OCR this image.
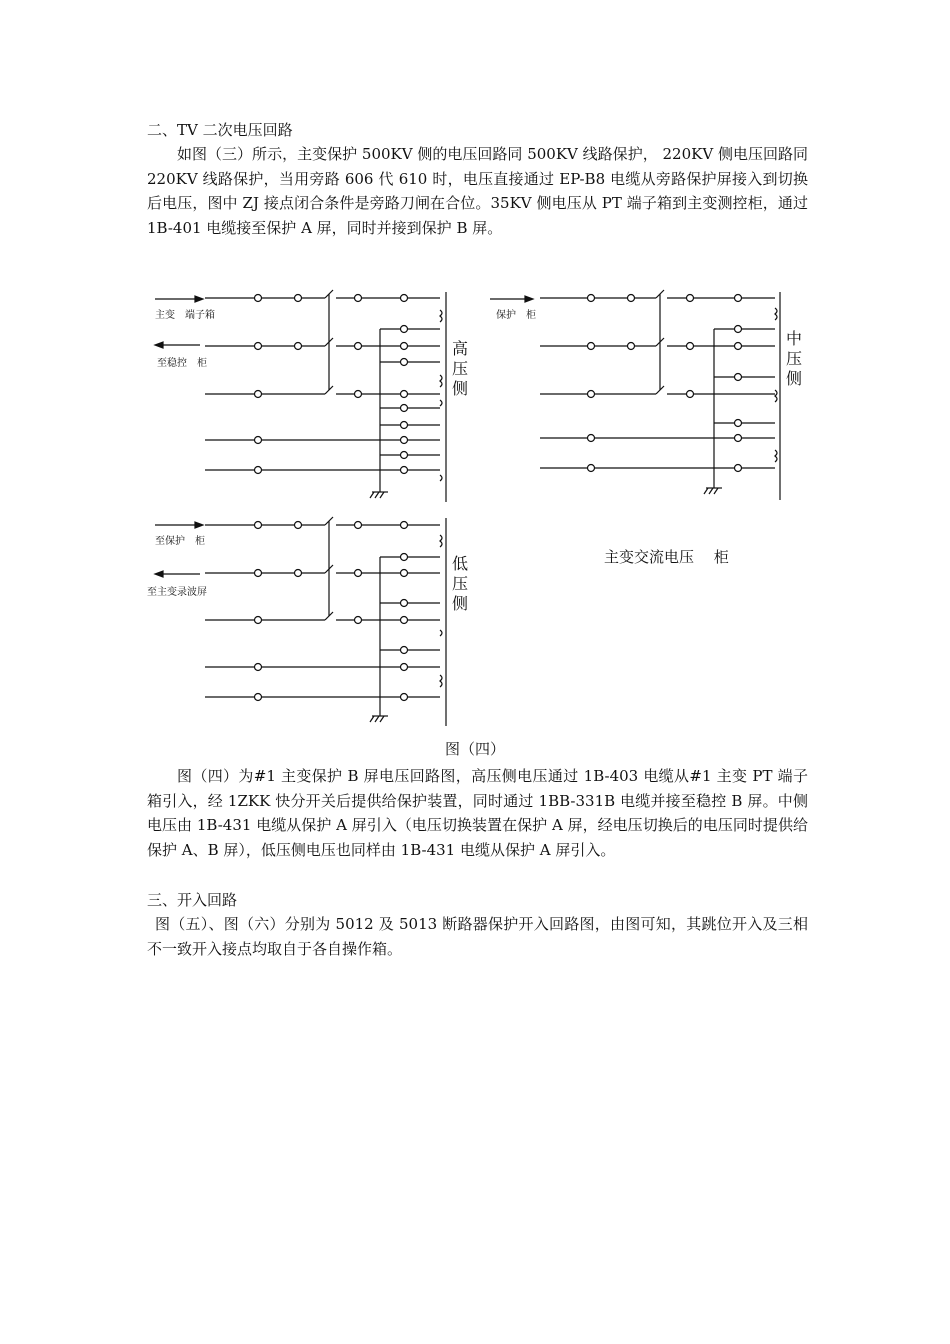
二、TV 二次电压回路
如图（三）所示，主变保护 500KV 侧的电压回路同 500KV 线路保护， 220KV 侧电压回路同 220KV 线路保护，当用旁路 606 代 610 时，电压直接通过 EP-B8 电缆从旁路保护屏接入到切换后电压，图中 ZJ 接点闭合条件是旁路刀闸在合位。35KV 侧电压从 PT 端子箱到主变测控柜，通过 1B-401 电缆接至保护 A 屏，同时并接到保护 B 屏。
主变　端子箱
至稳控　柜
保护　柜
至保护　柜
至主变录波屏
高
压
侧
中
压
侧
低
压
侧
主变交流电压　 柜
图（四）
图（四）为#1 主变保护 B 屏电压回路图，高压侧电压通过 1B-403 电缆从#1 主变 PT 端子箱引入，经 1ZKK 快分开关后提供给保护装置，同时通过 1BB-331B 电缆并接至稳控 B 屏。中侧电压由 1B-431 电缆从保护 A 屏引入（电压切换装置在保护 A 屏，经电压切换后的电压同时提供给保护 A、B 屏），低压侧电压也同样由 1B-431 电缆从保护 A 屏引入。
三、开入回路
图（五）、图（六）分别为 5012 及 5013 断路器保护开入回路图，由图可知，其跳位开入及三相不一致开入接点均取自于各自操作箱。
